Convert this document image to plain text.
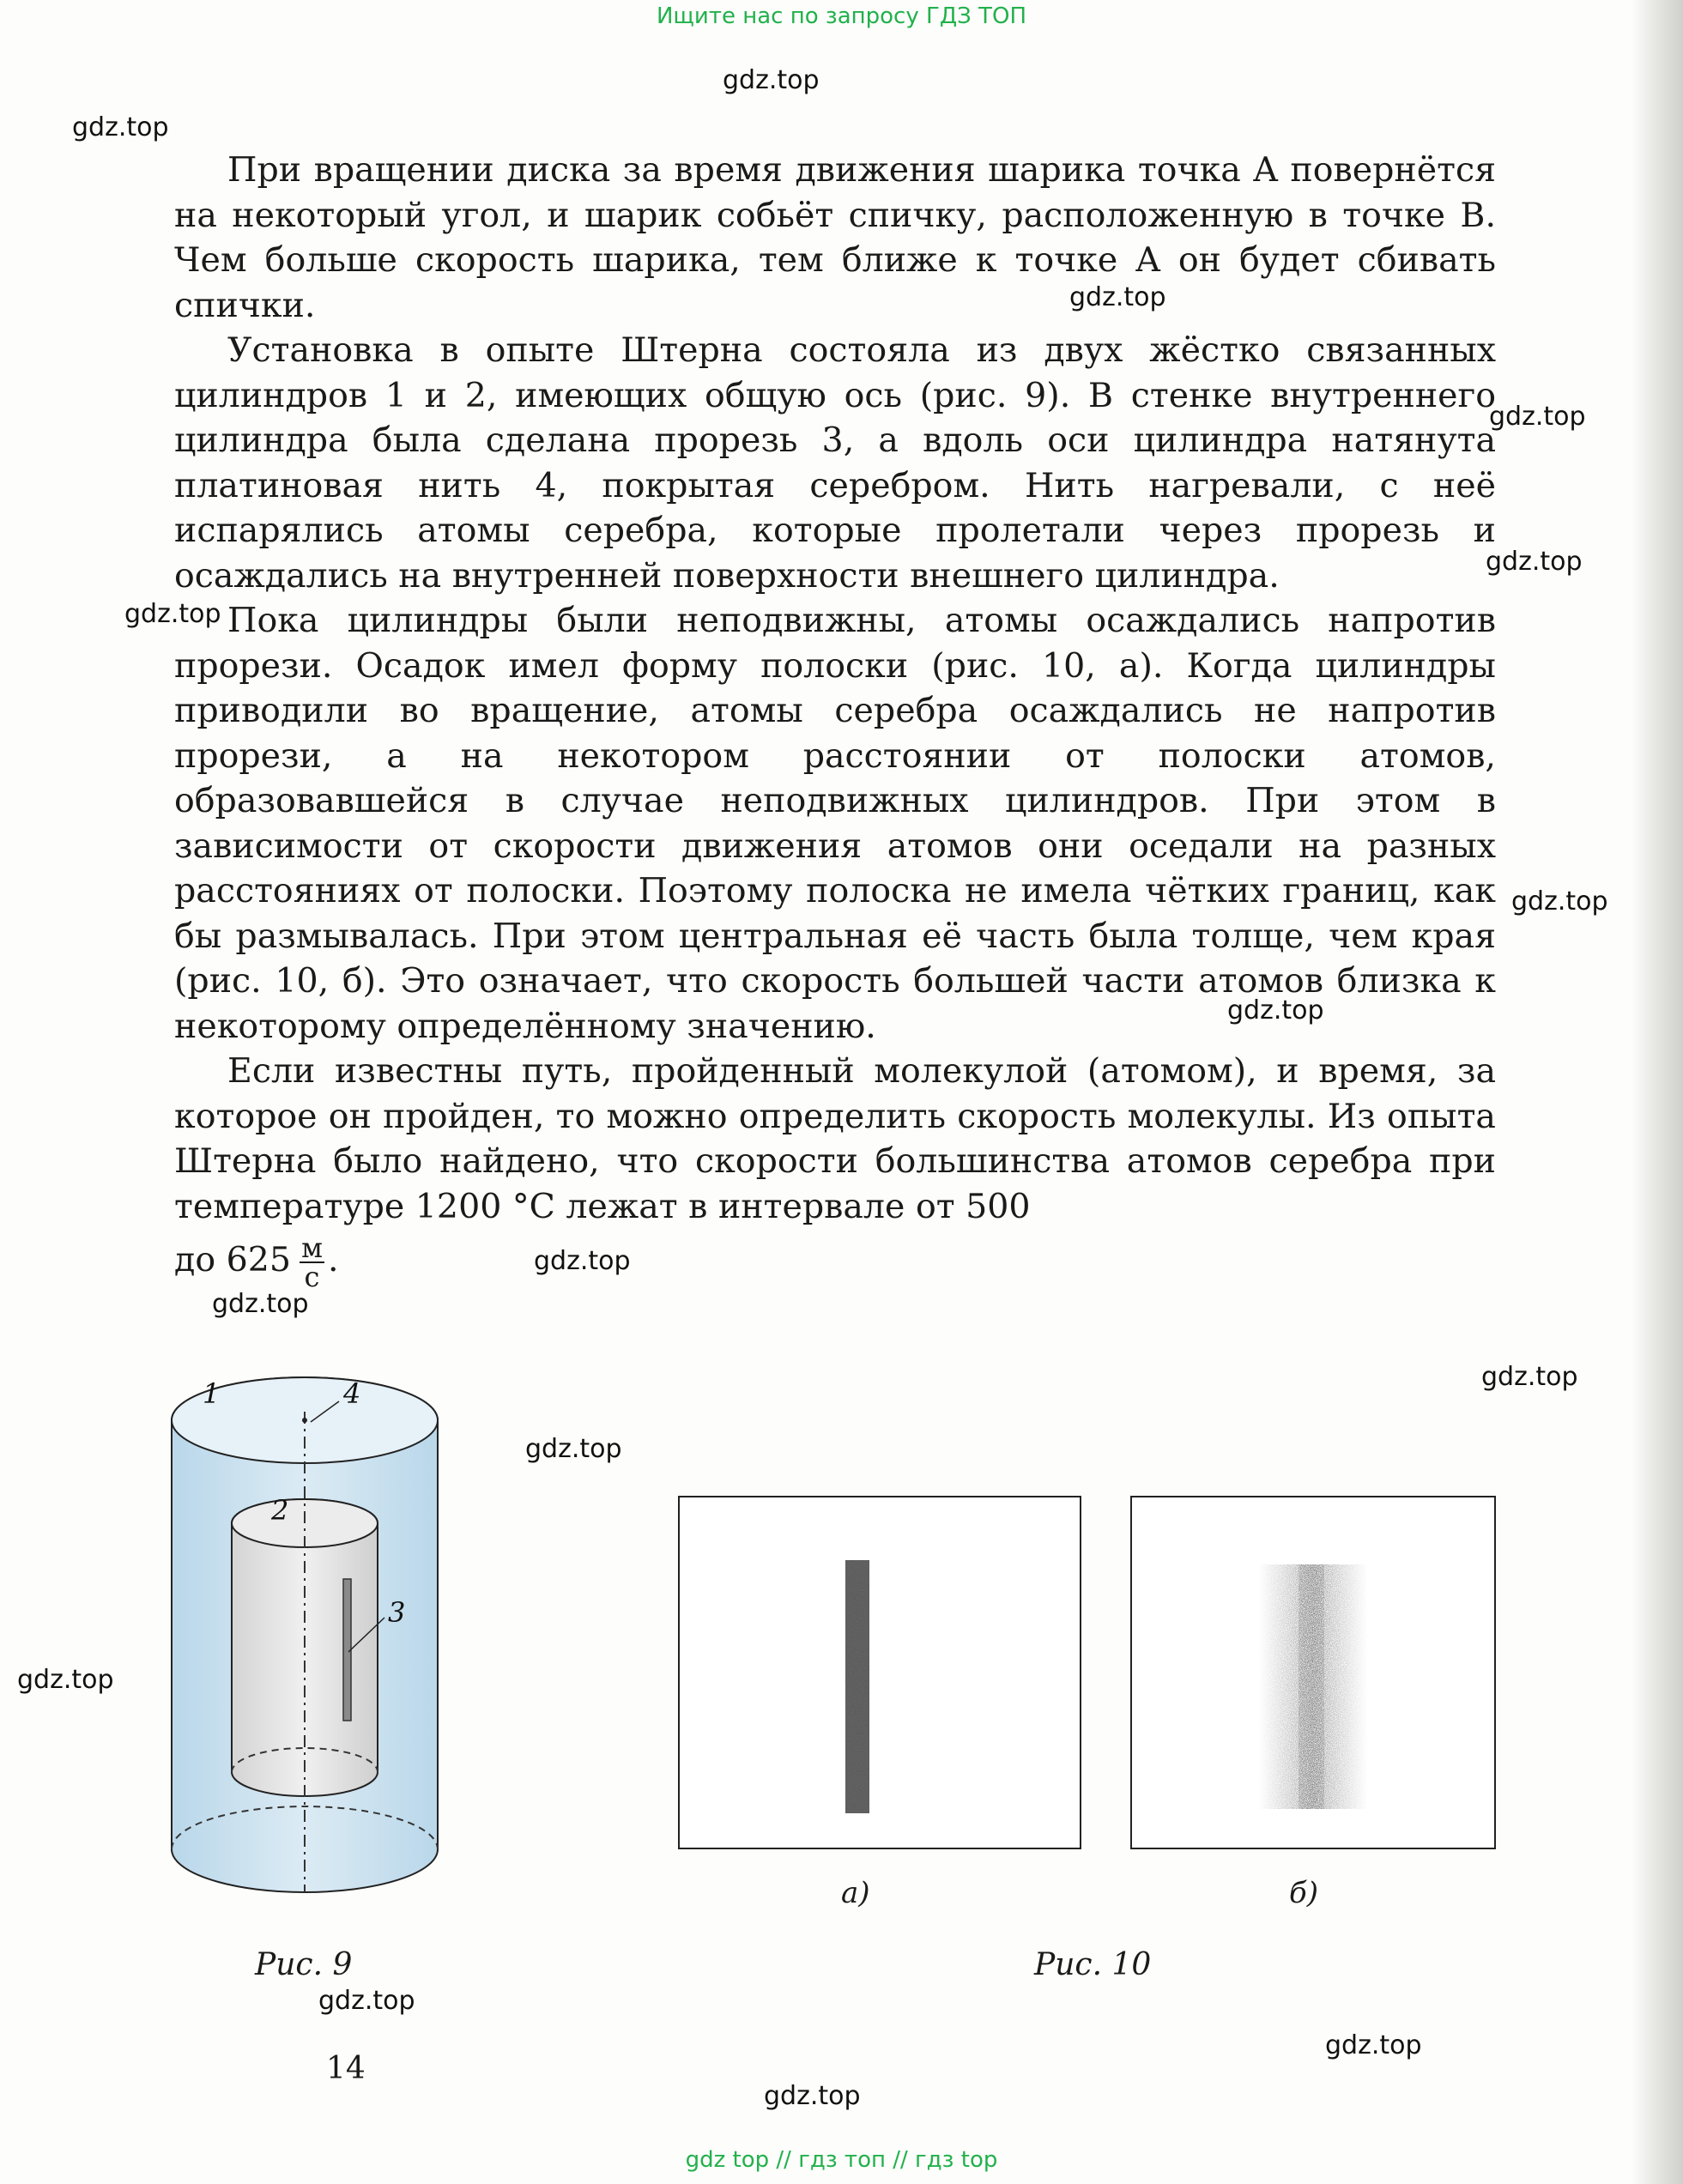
Ищите нас по запросу ГДЗ ТОП
gdz.top
gdz.top
gdz.top
gdz.top
gdz.top
gdz.top
gdz.top
gdz.top
gdz.top
gdz.top
gdz.top
gdz.top
gdz.top
gdz.top
gdz.top
gdz.top

При вращении диска за время движения шарика точка A повернётся на некоторый угол, и шарик собьёт спичку, расположенную в точке B. Чем больше скорость шарика, тем ближе к точке A он будет сбивать спички.

Установка в опыте Штерна состояла из двух жёстко связанных цилиндров 1 и 2, имеющих общую ось (рис. 9). В стенке внутреннего цилиндра была сделана прорезь 3, а вдоль оси цилиндра натянута платиновая нить 4, покрытая серебром. Нить нагревали, с неё испарялись атомы серебра, которые пролетали через прорезь и осаждались на внутренней поверхности внешнего цилиндра.

Пока цилиндры были неподвижны, атомы осаждались напротив прорези. Осадок имел форму полоски (рис. 10, а). Когда цилиндры приводили во вращение, атомы серебра осаждались не напротив прорези, а на некотором расстоянии от полоски атомов, образовавшейся в случае неподвижных цилиндров. При этом в зависимости от скорости движения атомов они оседали на разных расстояниях от полоски. Поэтому полоска не имела чётких границ, как бы размывалась. При этом центральная её часть была толще, чем края (рис. 10, б). Это означает, что скорость большей части атомов близка к некоторому определённому значению.

Если известны путь, пройденный молекулой (атомом), и время, за которое он пройден, то можно определить скорость молекулы. Из опыта Штерна было найдено, что скорости большинства атомов серебра при температуре 1200 °С лежат в интервале от 500

до $625 \frac{м}{с}$ .

1	4
2
3
Рис. 9
а)	б)
Рис. 10
14
gdz top // гдз топ // гдз top
